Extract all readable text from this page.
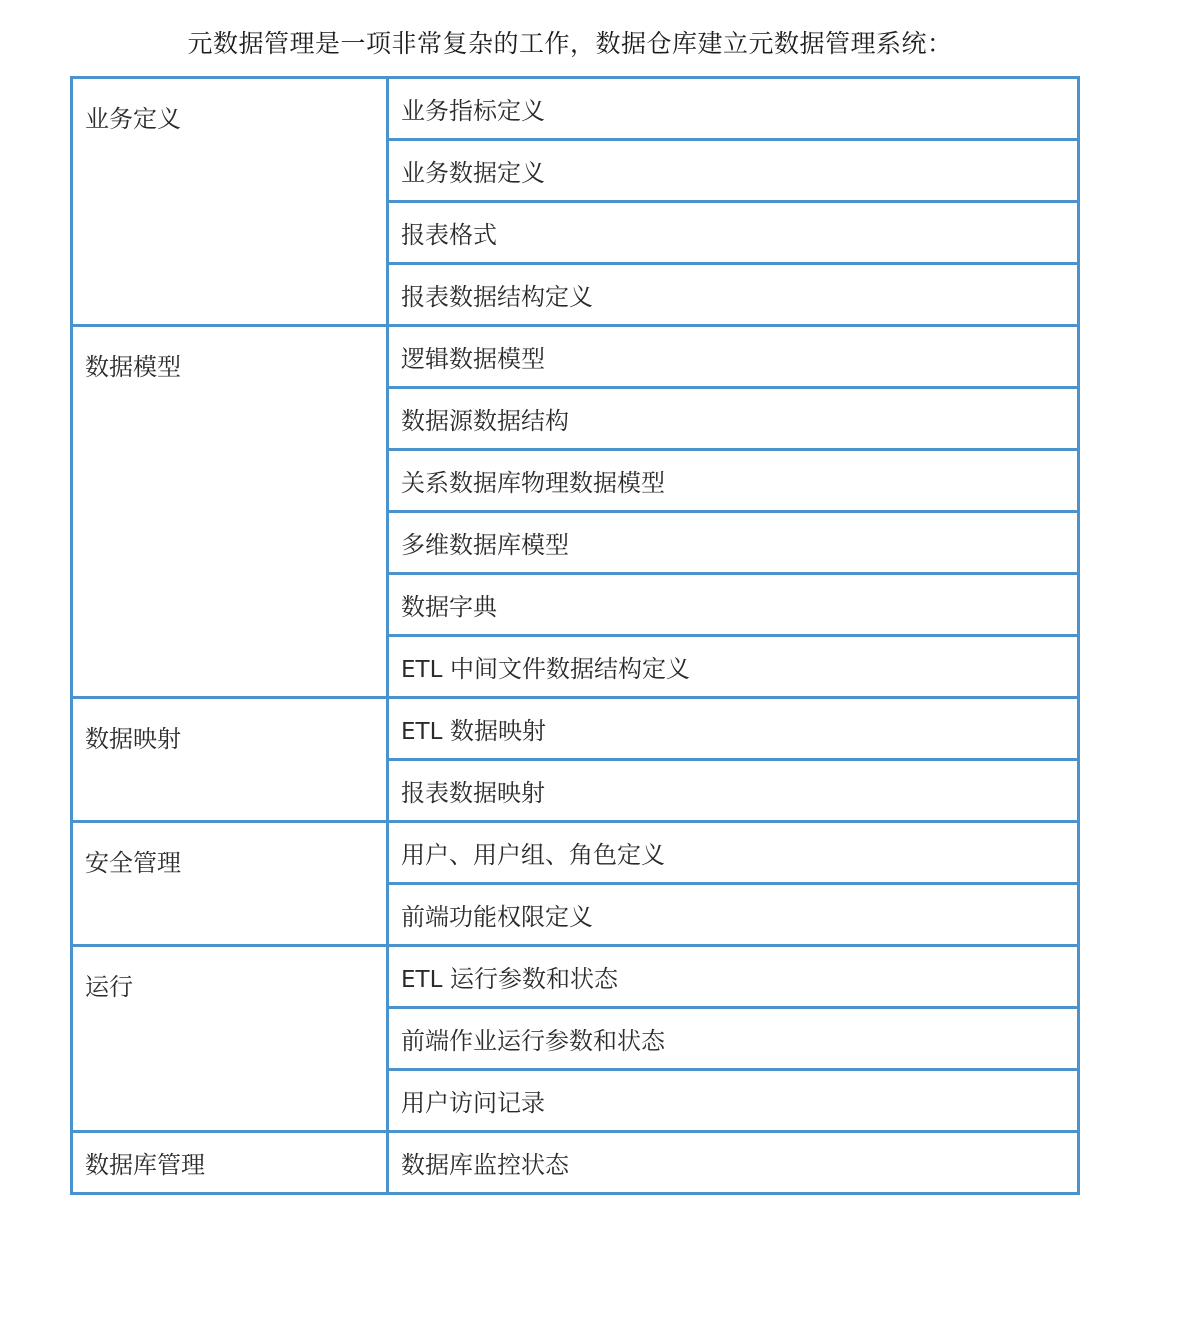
元数据管理是一项非常复杂的工作，数据仓库建立元数据管理系统：
业务定义	业务指标定义
	业务数据定义
	报表格式
	报表数据结构定义
数据模型	逻辑数据模型
	数据源数据结构
	关系数据库物理数据模型
	多维数据库模型
	数据字典
	ETL 中间文件数据结构定义
数据映射	ETL 数据映射
	报表数据映射
安全管理	用户、用户组、角色定义
	前端功能权限定义
运行	ETL 运行参数和状态
	前端作业运行参数和状态
	用户访问记录
数据库管理	数据库监控状态
